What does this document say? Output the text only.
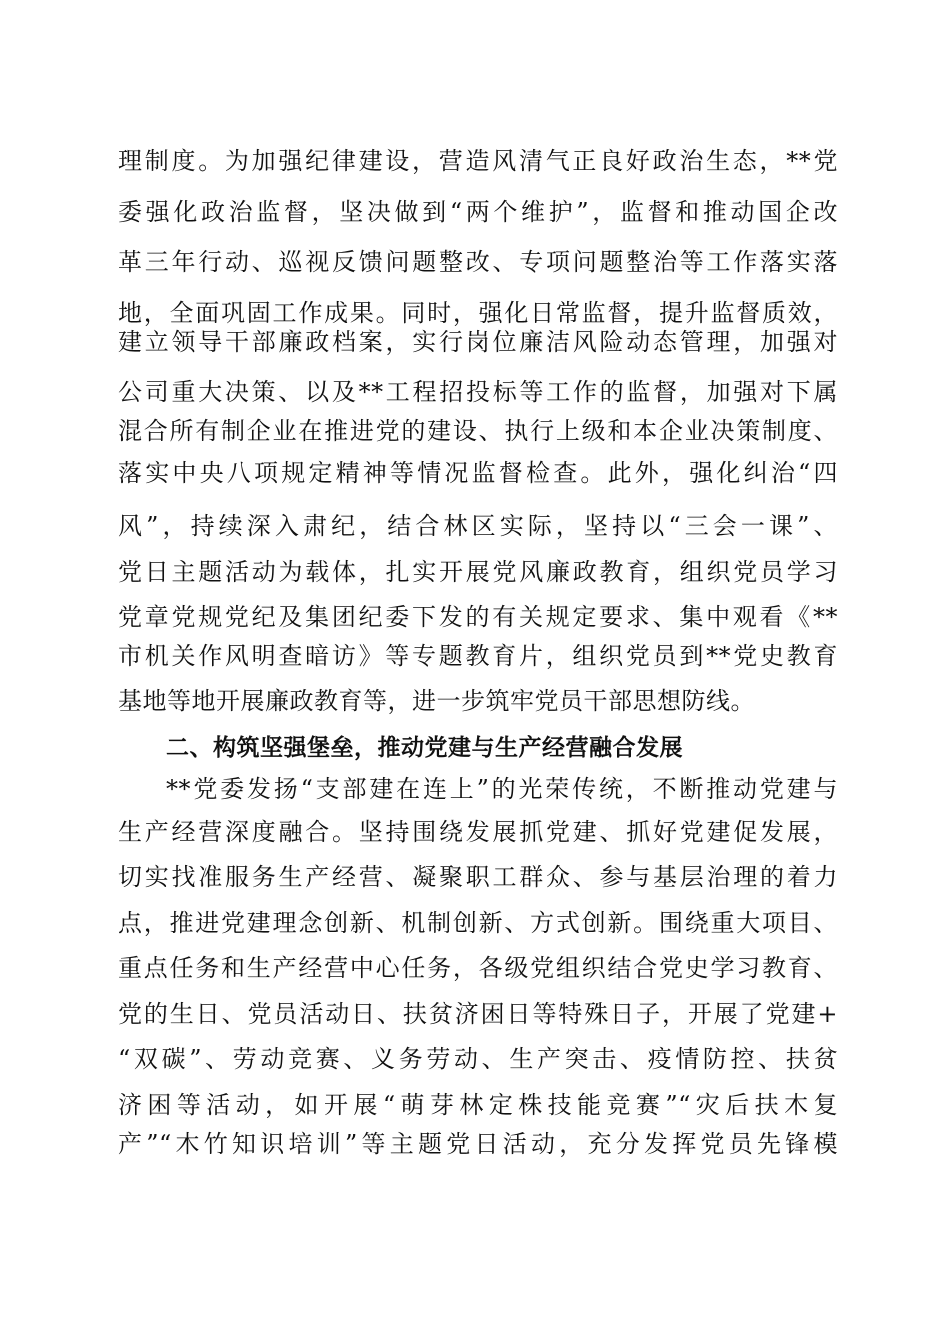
理制度。为加强纪律建设，营造风清气正良好政治生态，**党
委强化政治监督，坚决做到“两个维护”，监督和推动国企改
革三年行动、巡视反馈问题整改、专项问题整治等工作落实落
地，全面巩固工作成果。同时，强化日常监督，提升监督质效，
建立领导干部廉政档案，实行岗位廉洁风险动态管理，加强对
公司重大决策、以及**工程招投标等工作的监督，加强对下属
混合所有制企业在推进党的建设、执行上级和本企业决策制度、
落实中央八项规定精神等情况监督检查。此外，强化纠治“四
风”，持续深入肃纪，结合林区实际，坚持以“三会一课”、
党日主题活动为载体，扎实开展党风廉政教育，组织党员学习
党章党规党纪及集团纪委下发的有关规定要求、集中观看《**
市机关作风明查暗访》等专题教育片，组织党员到**党史教育
基地等地开展廉政教育等，进一步筑牢党员干部思想防线。
二、构筑坚强堡垒，推动党建与生产经营融合发展
**党委发扬“支部建在连上”的光荣传统，不断推动党建与
生产经营深度融合。坚持围绕发展抓党建、抓好党建促发展，
切实找准服务生产经营、凝聚职工群众、参与基层治理的着力
点，推进党建理念创新、机制创新、方式创新。围绕重大项目、
重点任务和生产经营中心任务，各级党组织结合党史学习教育、
党的生日、党员活动日、扶贫济困日等特殊日子，开展了党建+
“双碳”、劳动竞赛、义务劳动、生产突击、疫情防控、扶贫
济困等活动，如开展“萌芽林定株技能竞赛”“灾后扶木复
产”“木竹知识培训”等主题党日活动，充分发挥党员先锋模
